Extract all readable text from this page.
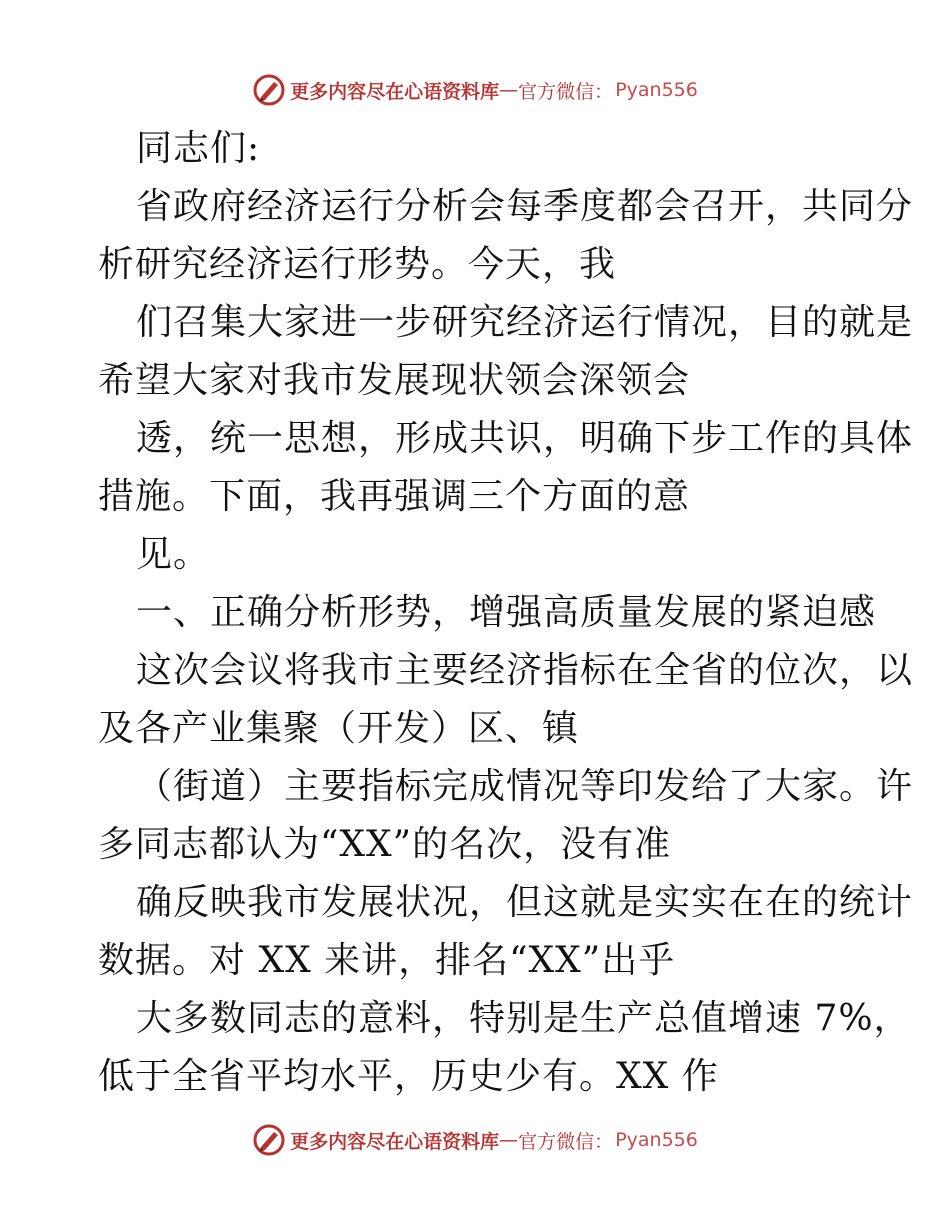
更多内容尽在心语资料库 — 官方微信： Pyan556
同志们:
省政府经济运行分析会每季度都会召开，共同分
析研究经济运行形势。今天，我
们召集大家进一步研究经济运行情况，目的就是
希望大家对我市发展现状领会深领会
透，统一思想，形成共识，明确下步工作的具体
措施。下面，我再强调三个方面的意
见。
一、正确分析形势，增强高质量发展的紧迫感
这次会议将我市主要经济指标在全省的位次，以
及各产业集聚（开发）区、镇
（街道）主要指标完成情况等印发给了大家。许
多同志都认为“XX”的名次，没有准
确反映我市发展状况，但这就是实实在在的统计
数据。对 XX 来讲，排名“XX”出乎
大多数同志的意料，特别是生产总值增速 7%，
低于全省平均水平，历史少有。XX 作
更多内容尽在心语资料库 — 官方微信： Pyan556
